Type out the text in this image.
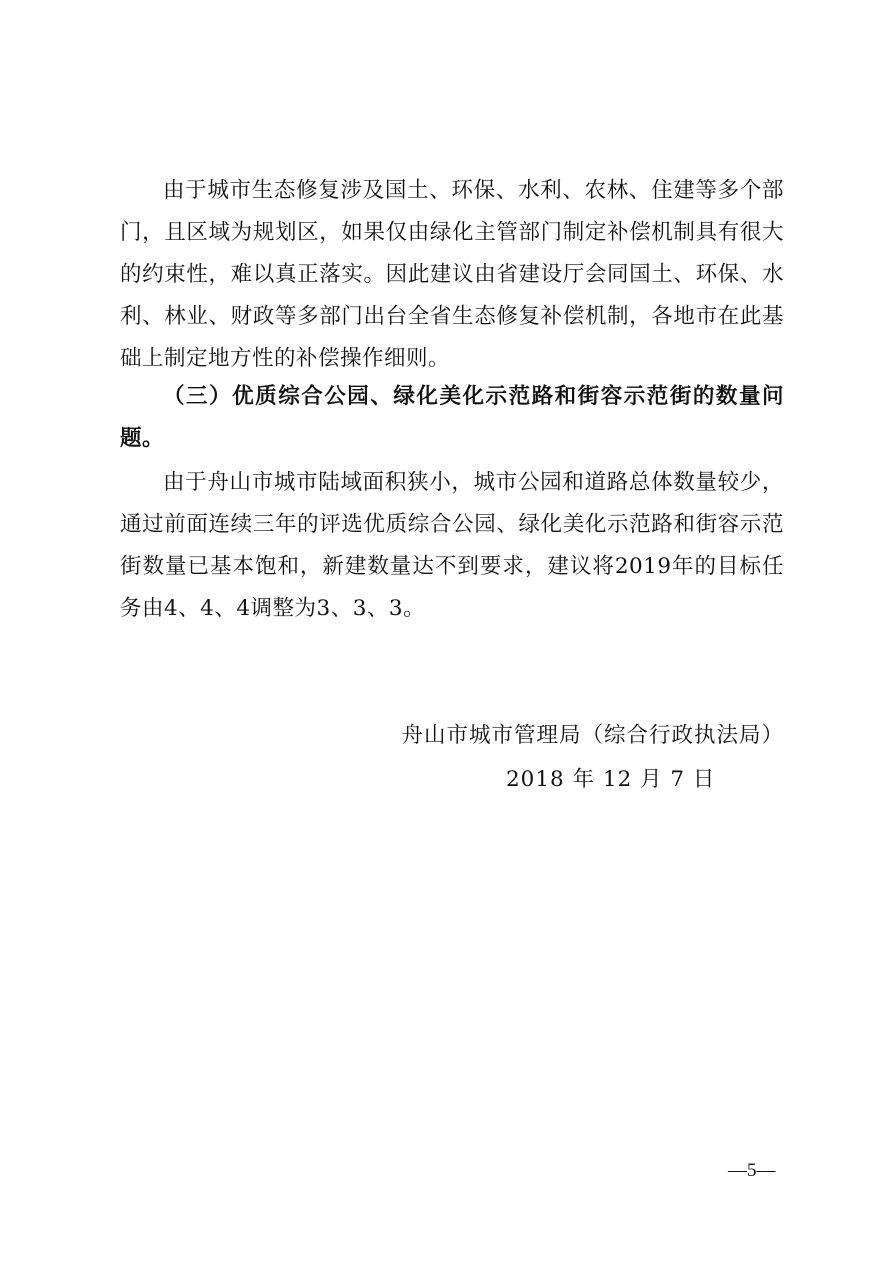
由于城市生态修复涉及国土、环保、水利、农林、住建等多个部门，且区域为规划区，如果仅由绿化主管部门制定补偿机制具有很大的约束性，难以真正落实。因此建议由省建设厅会同国土、环保、水利、林业、财政等多部门出台全省生态修复补偿机制，各地市在此基础上制定地方性的补偿操作细则。

（三）优质综合公园、绿化美化示范路和街容示范街的数量问题。

由于舟山市城市陆域面积狭小，城市公园和道路总体数量较少，通过前面连续三年的评选优质综合公园、绿化美化示范路和街容示范街数量已基本饱和，新建数量达不到要求，建议将2019年的目标任务由4、4、4调整为3、3、3。

舟山市城市管理局（综合行政执法局）

2018 年 12 月 7 日

—5—
